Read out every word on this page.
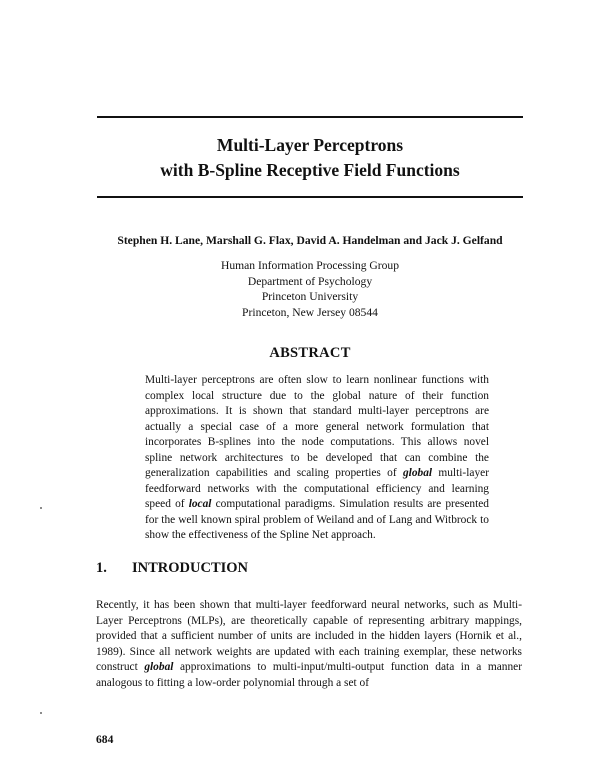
Multi-Layer Perceptrons
with B-Spline Receptive Field Functions
Stephen H. Lane, Marshall G. Flax, David A. Handelman and Jack J. Gelfand
Human Information Processing Group
Department of Psychology
Princeton University
Princeton, New Jersey 08544
ABSTRACT
Multi-layer perceptrons are often slow to learn nonlinear functions with complex local structure due to the global nature of their function approximations. It is shown that standard multi-layer perceptrons are actually a special case of a more general network formulation that incorporates B-splines into the node computations. This allows novel spline network architectures to be developed that can combine the generalization capabilities and scaling properties of global multi-layer feedforward networks with the computational efficiency and learning speed of local computational paradigms. Simulation results are presented for the well known spiral problem of Weiland and of Lang and Witbrock to show the effectiveness of the Spline Net approach.
1. INTRODUCTION
Recently, it has been shown that multi-layer feedforward neural networks, such as Multi-Layer Perceptrons (MLPs), are theoretically capable of representing arbitrary mappings, provided that a sufficient number of units are included in the hidden layers (Hornik et al., 1989). Since all network weights are updated with each training exemplar, these networks construct global approximations to multi-input/multi-output function data in a manner analogous to fitting a low-order polynomial through a set of
684
